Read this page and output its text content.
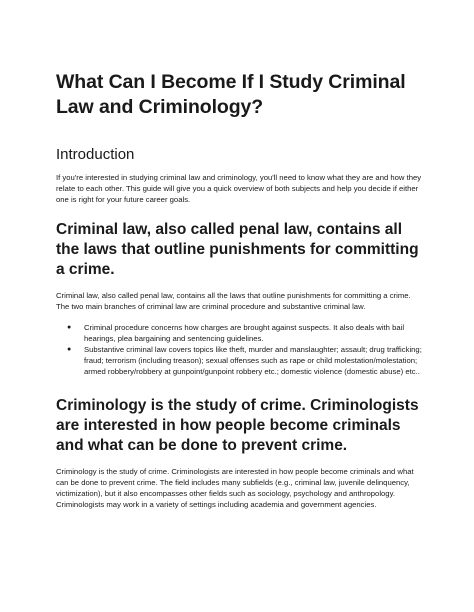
What Can I Become If I Study Criminal Law and Criminology?
Introduction

If you're interested in studying criminal law and criminology, you'll need to know what they are and how they relate to each other. This guide will give you a quick overview of both subjects and help you decide if either one is right for your future career goals.

Criminal law, also called penal law, contains all the laws that outline punishments for committing a crime.

Criminal law, also called penal law, contains all the laws that outline punishments for committing a crime. The two main branches of criminal law are criminal procedure and substantive criminal law.

● Criminal procedure concerns how charges are brought against suspects. It also deals with bail hearings, plea bargaining and sentencing guidelines.
● Substantive criminal law covers topics like theft, murder and manslaughter; assault; drug trafficking; fraud; terrorism (including treason); sexual offenses such as rape or child molestation/molestation; armed robbery/robbery at gunpoint/gunpoint robbery etc.; domestic violence (domestic abuse) etc..
Criminology is the study of crime. Criminologists are interested in how people become criminals and what can be done to prevent crime.

Criminology is the study of crime. Criminologists are interested in how people become criminals and what can be done to prevent crime. The field includes many subfields (e.g., criminal law, juvenile delinquency, victimization), but it also encompasses other fields such as sociology, psychology and anthropology. Criminologists may work in a variety of settings including academia and government agencies.
